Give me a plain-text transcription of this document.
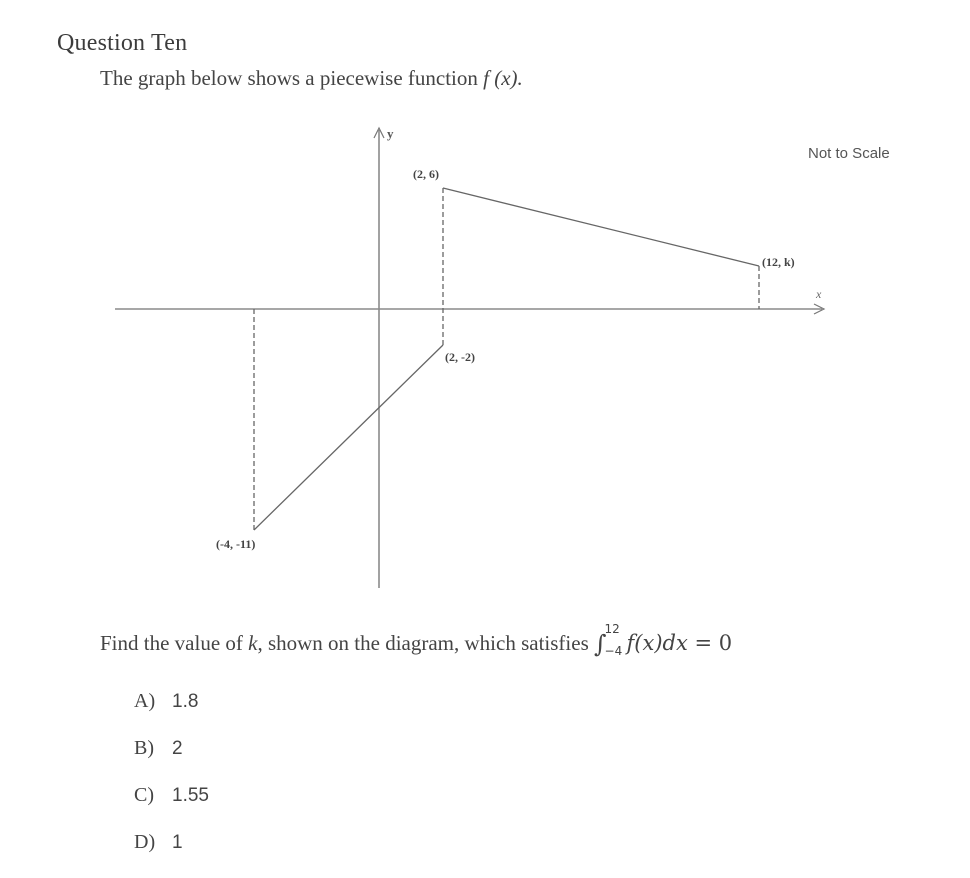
Question Ten
The graph below shows a piecewise function f (x).
y
x
(2, 6)
(12, k)
(2, -2)
(-4, -11)
Not to Scale
Find the value of k, shown on the diagram, which satisfies ∫
12
−4 f(x)dx = 0
A) 1.8
B) 2
C) 1.55
D) 1
